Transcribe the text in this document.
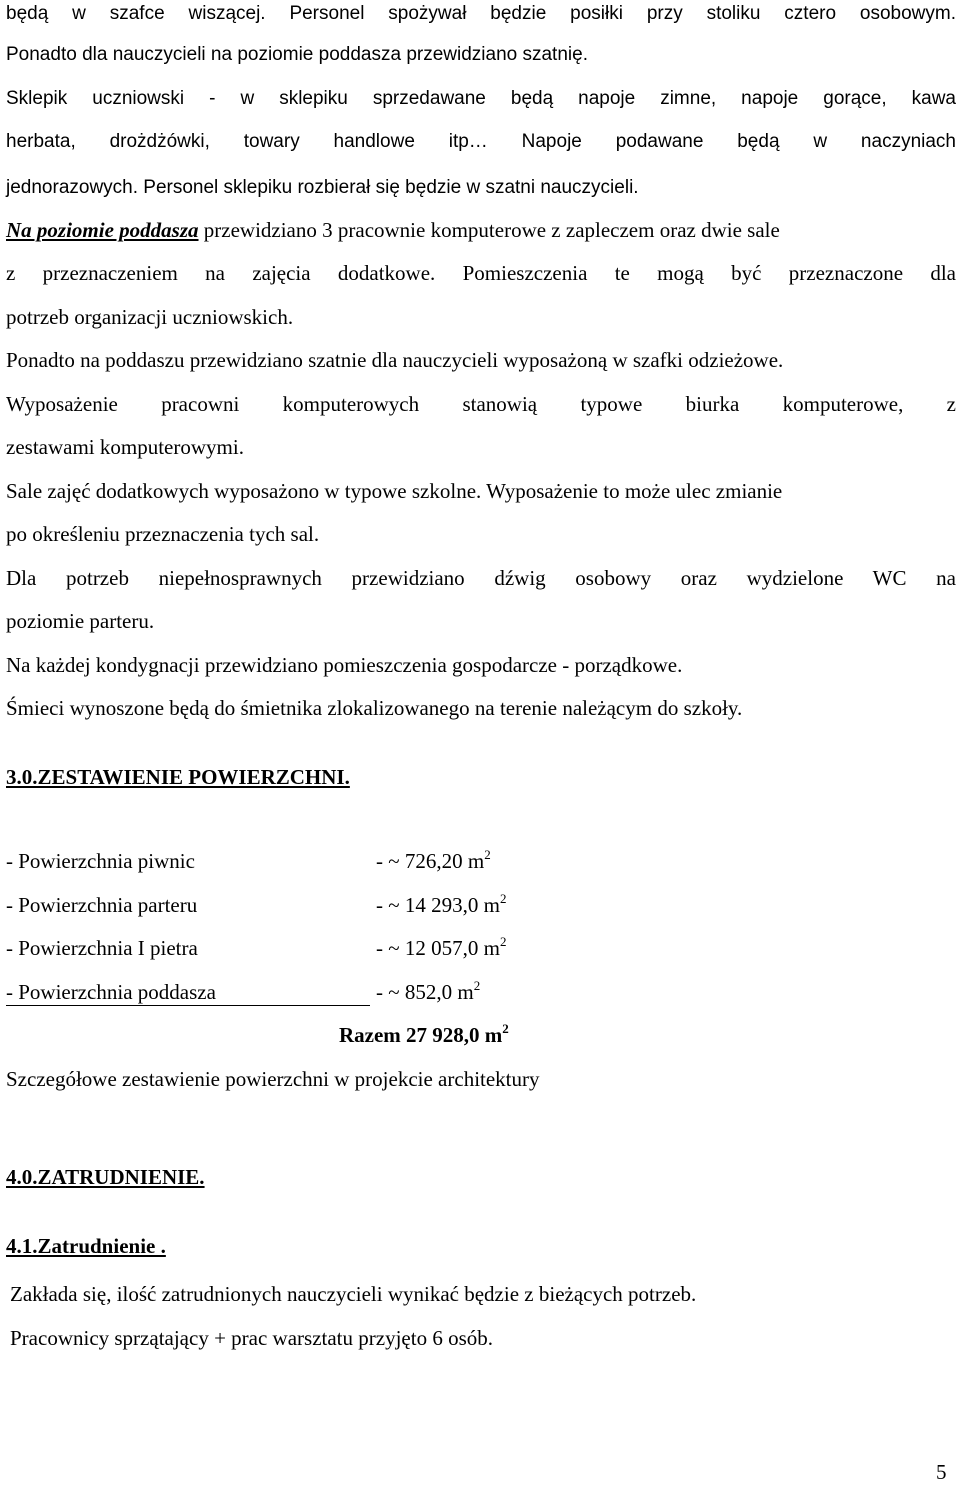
będą w szafce wiszącej. Personel spożywał będzie posiłki przy stoliku cztero osobowym.
Ponadto dla nauczycieli na poziomie poddasza przewidziano szatnię.
Sklepik uczniowski - w sklepiku sprzedawane będą napoje zimne, napoje gorące, kawa
herbata, drożdżówki, towary handlowe itp… Napoje podawane będą w naczyniach
jednorazowych. Personel sklepiku rozbierał się będzie w szatni nauczycieli.
Na poziomie poddasza przewidziano 3 pracownie komputerowe z zapleczem oraz dwie sale
z przeznaczeniem na zajęcia dodatkowe. Pomieszczenia te mogą być przeznaczone dla
potrzeb organizacji uczniowskich.
Ponadto na poddaszu przewidziano szatnie dla nauczycieli wyposażoną w szafki odzieżowe.
Wyposażenie pracowni komputerowych stanowią typowe biurka komputerowe, z
zestawami komputerowymi.
Sale zajęć dodatkowych wyposażono w typowe szkolne. Wyposażenie to może ulec zmianie
po określeniu przeznaczenia tych sal.
Dla potrzeb niepełnosprawnych przewidziano dźwig osobowy oraz wydzielone WC na
poziomie parteru.
Na każdej kondygnacji przewidziano pomieszczenia gospodarcze - porządkowe.
Śmieci wynoszone będą do śmietnika zlokalizowanego na terenie należącym do szkoły.
3.0.ZESTAWIENIE POWIERZCHNI.
- Powierzchnia piwnic	- ~ 726,20 $m^2$
- Powierzchnia parteru	- ~ 14 293,0 $m^2$
- Powierzchnia I pietra	- ~ 12 057,0 $m^2$
- Powierzchnia poddasza	- ~ 852,0 $m^2$
Razem 27 928,0 $m^2$
Szczegółowe zestawienie powierzchni w projekcie architektury
4.0.ZATRUDNIENIE.
4.1.Zatrudnienie .
Zakłada się, ilość zatrudnionych nauczycieli wynikać będzie z bieżących potrzeb.
Pracownicy sprzątający + prac warsztatu przyjęto 6 osób.
5
